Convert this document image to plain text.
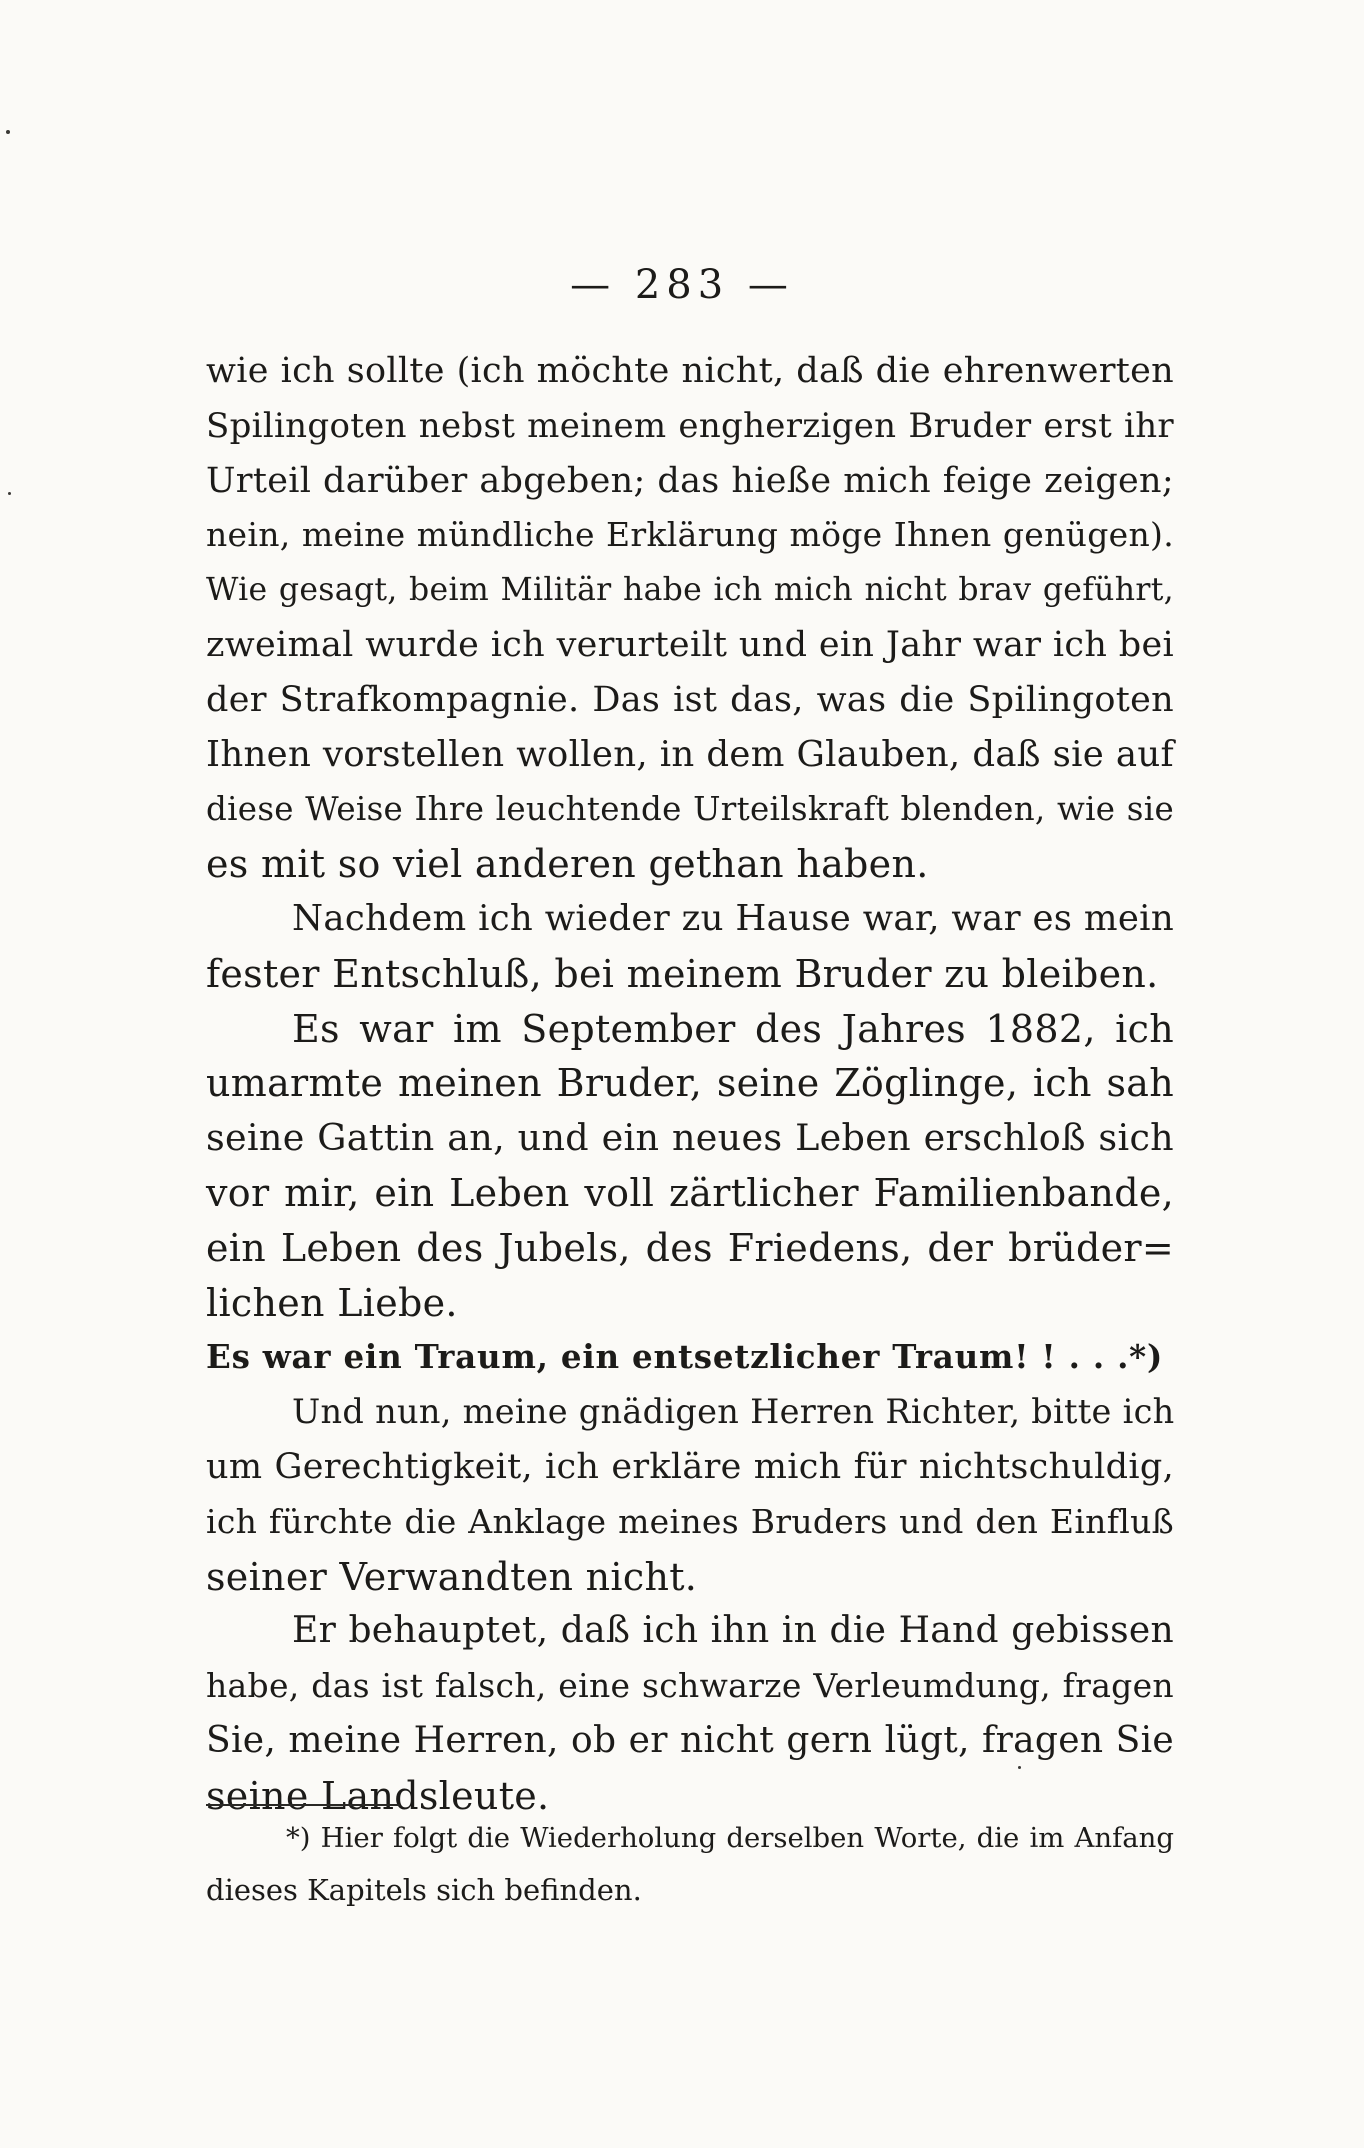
— 283 —
wie ich sollte (ich möchte nicht, daß die ehrenwerten
Spilingoten nebst meinem engherzigen Bruder erst ihr
Urteil darüber abgeben; das hieße mich feige zeigen;
nein, meine mündliche Erklärung möge Ihnen genügen).
Wie gesagt, beim Militär habe ich mich nicht brav geführt,
zweimal wurde ich verurteilt und ein Jahr war ich bei
der Strafkompagnie. Das ist das, was die Spilingoten
Ihnen vorstellen wollen, in dem Glauben, daß sie auf
diese Weise Ihre leuchtende Urteilskraft blenden, wie sie
es mit so viel anderen gethan haben.
Nachdem ich wieder zu Hause war, war es mein
fester Entschluß, bei meinem Bruder zu bleiben.
Es war im September des Jahres 1882, ich
umarmte meinen Bruder, seine Zöglinge, ich sah
seine Gattin an, und ein neues Leben erschloß sich
vor mir, ein Leben voll zärtlicher Familienbande,
ein Leben des Jubels, des Friedens, der brüder=
lichen Liebe.
Es war ein Traum, ein entsetzlicher Traum! ! . . .*)
Und nun, meine gnädigen Herren Richter, bitte ich
um Gerechtigkeit, ich erkläre mich für nichtschuldig,
ich fürchte die Anklage meines Bruders und den Einfluß
seiner Verwandten nicht.
Er behauptet, daß ich ihn in die Hand gebissen
habe, das ist falsch, eine schwarze Verleumdung, fragen
Sie, meine Herren, ob er nicht gern lügt, fragen Sie
seine Landsleute.
*) Hier folgt die Wiederholung derselben Worte, die im Anfang
dieses Kapitels sich befinden.
